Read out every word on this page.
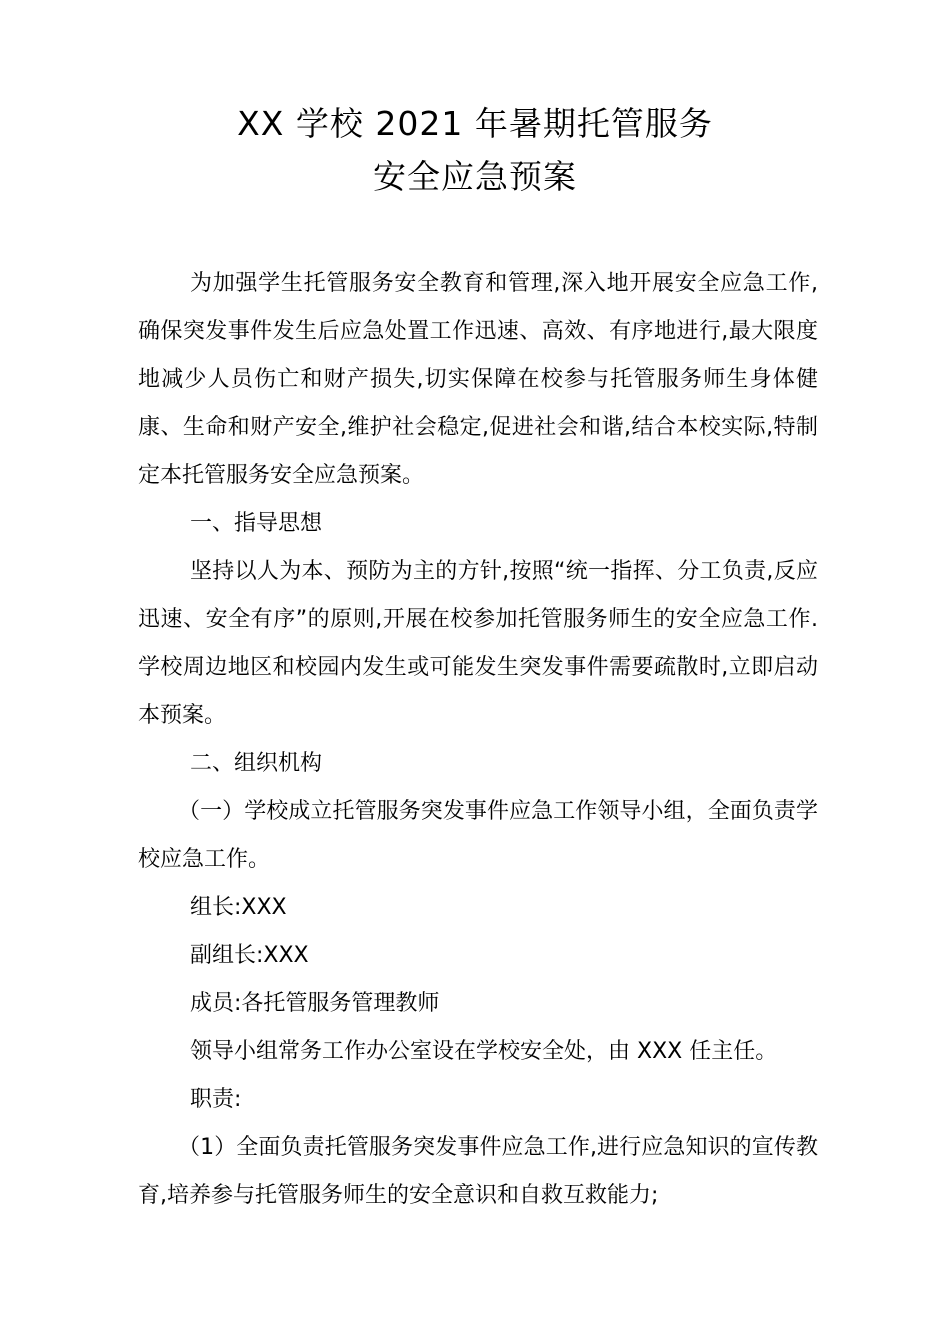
XX 学校 2021 年暑期托管服务
安全应急预案

为加强学生托管服务安全教育和管理,深入地开展安全应急工作,确保突发事件发生后应急处置工作迅速、高效、有序地进行,最大限度地减少人员伤亡和财产损失,切实保障在校参与托管服务师生身体健康、生命和财产安全,维护社会稳定,促进社会和谐,结合本校实际,特制定本托管服务安全应急预案。

一、指导思想

坚持以人为本、预防为主的方针,按照“统一指挥、分工负责,反应迅速、安全有序”的原则,开展在校参加托管服务师生的安全应急工作.学校周边地区和校园内发生或可能发生突发事件需要疏散时,立即启动本预案。

二、组织机构

（一）学校成立托管服务突发事件应急工作领导小组，全面负责学校应急工作。

组长:XXX

副组长:XXX

成员:各托管服务管理教师

领导小组常务工作办公室设在学校安全处，由 XXX 任主任。

职责:

（1）全面负责托管服务突发事件应急工作,进行应急知识的宣传教育,培养参与托管服务师生的安全意识和自救互救能力;
